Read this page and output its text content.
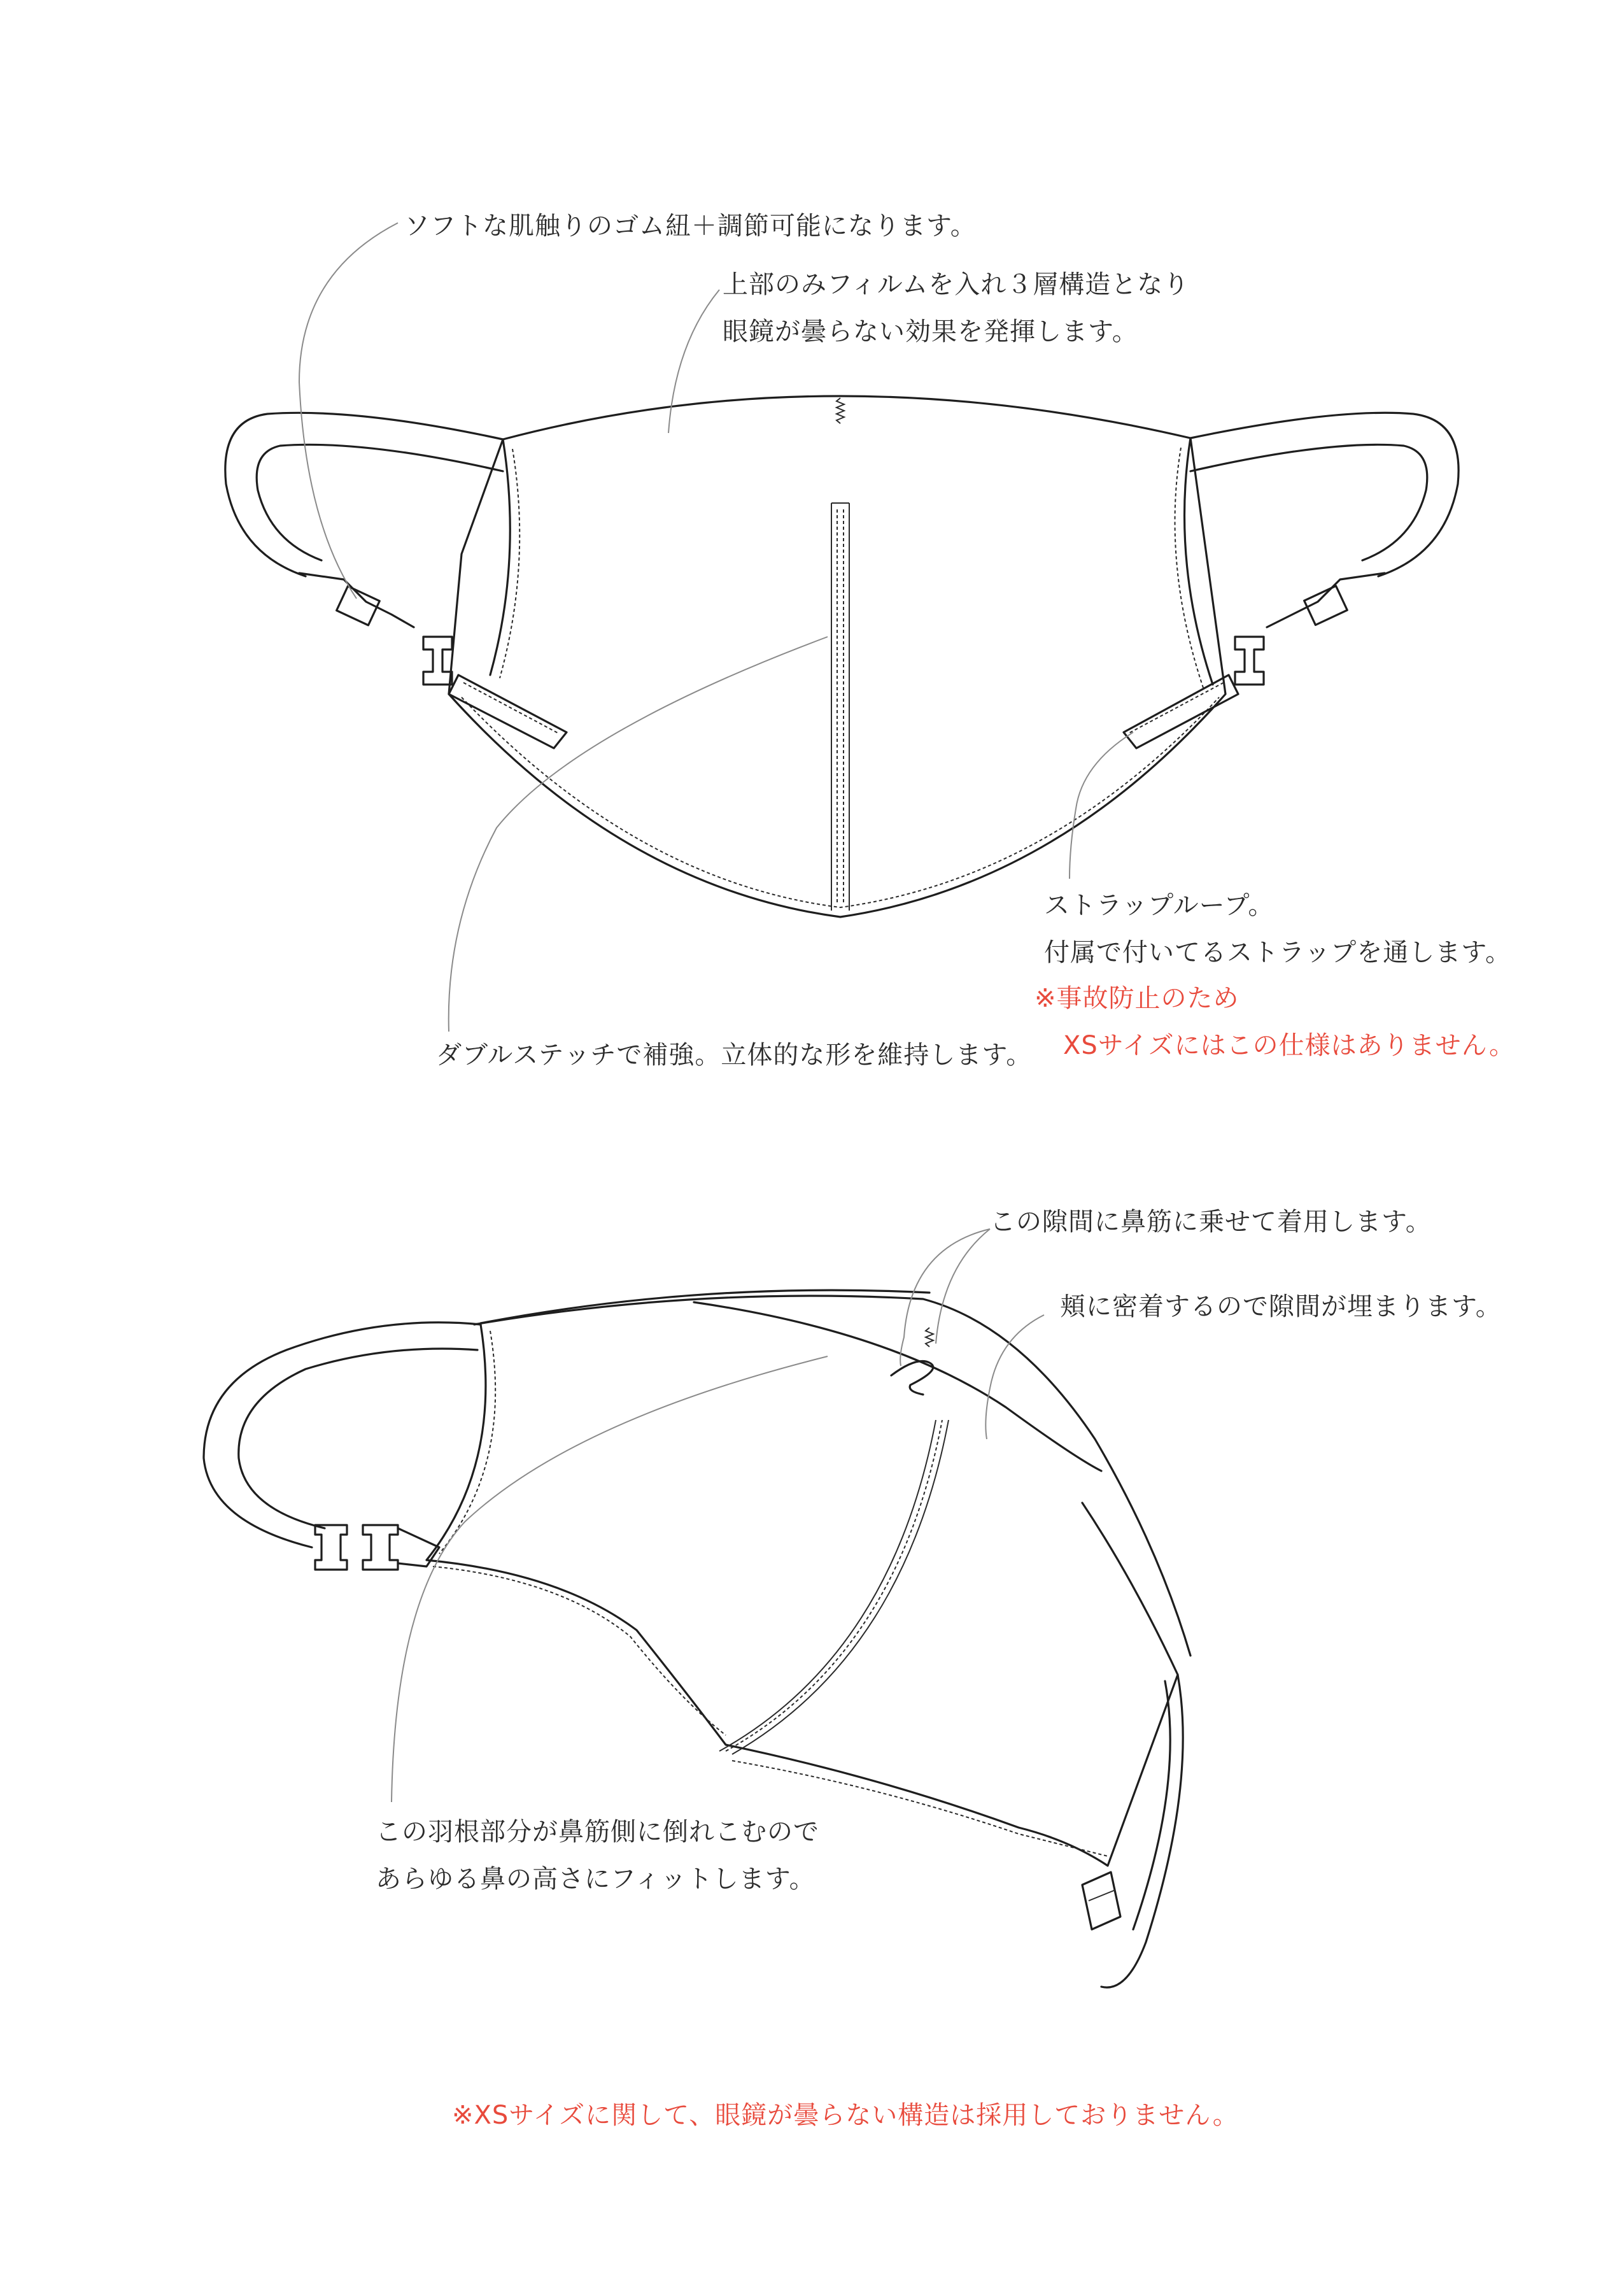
ソフトな肌触りのゴム紐＋調節可能になります。

上部のみフィルムを入れ３層構造となり
眼鏡が曇らない効果を発揮します。

ストラップループ。
付属で付いてるストラップを通します。

※事故防止のため
XSサイズにはこの仕様はありません。

ダブルステッチで補強。立体的な形を維持します。

この隙間に鼻筋に乗せて着用します。

頬に密着するので隙間が埋まります。

この羽根部分が鼻筋側に倒れこむので
あらゆる鼻の高さにフィットします。

※XSサイズに関して、眼鏡が曇らない構造は採用しておりません。
